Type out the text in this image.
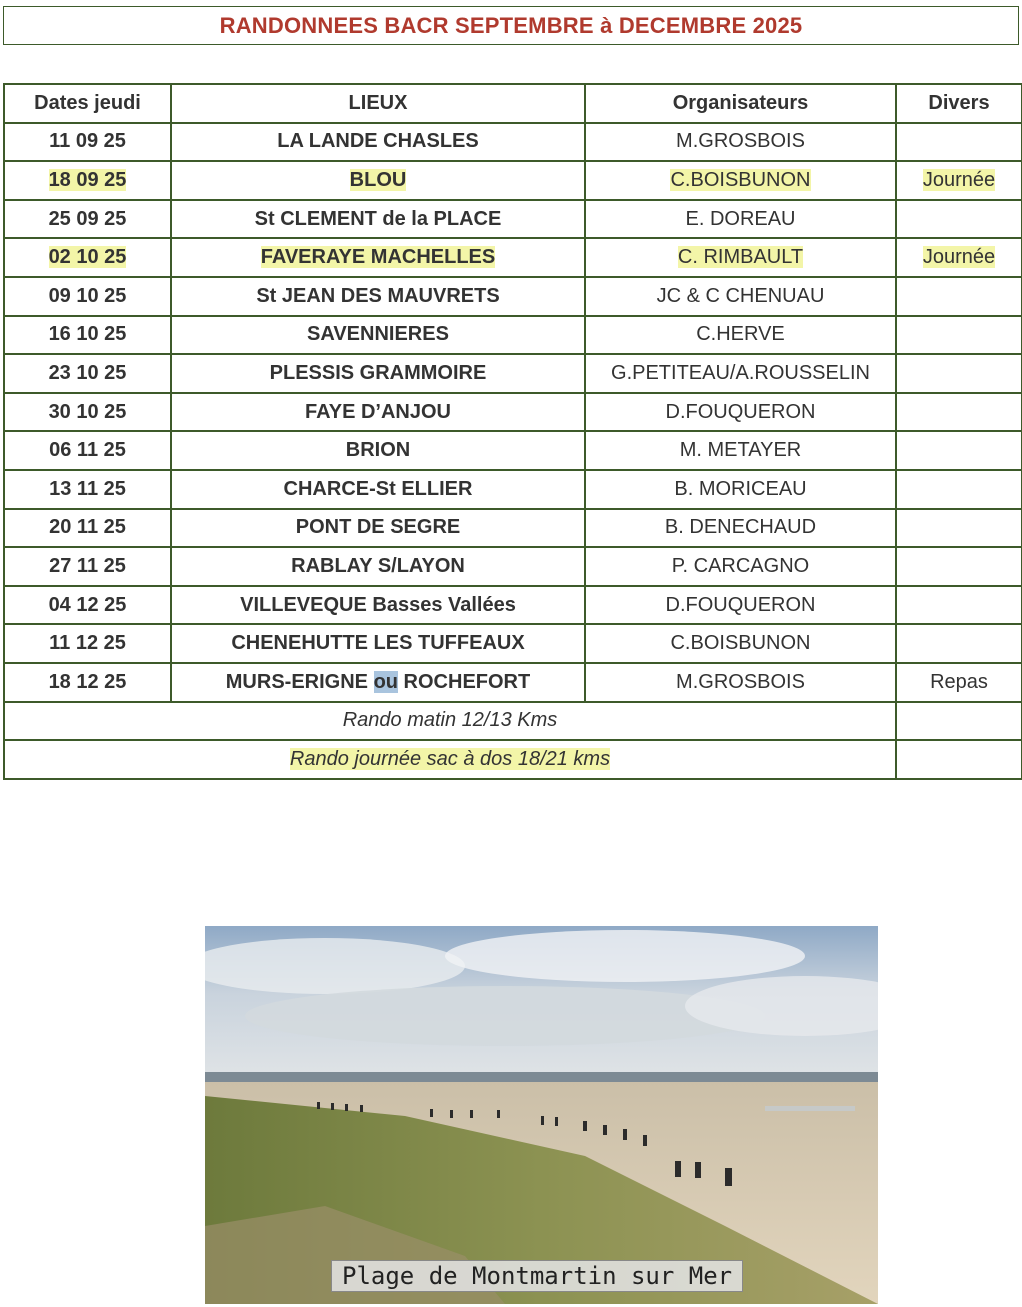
RANDONNEES BACR SEPTEMBRE à DECEMBRE 2025
Dates jeudi	LIEUX	Organisateurs	Divers
11 09 25	LA LANDE CHASLES	M.GROSBOIS	
18 09 25	BLOU	C.BOISBUNON	Journée
25 09 25	St CLEMENT de la PLACE	E. DOREAU	
02 10 25	FAVERAYE MACHELLES	C. RIMBAULT	Journée
09 10 25	St JEAN DES MAUVRETS	JC & C CHENUAU	
16 10 25	SAVENNIERES	C.HERVE	
23 10 25	PLESSIS GRAMMOIRE	G.PETITEAU/A.ROUSSELIN	
30 10 25	FAYE D’ANJOU	D.FOUQUERON	
06 11 25	BRION	M. METAYER	
13 11 25	CHARCE-St ELLIER	B. MORICEAU	
20 11 25	PONT DE SEGRE	B. DENECHAUD	
27 11 25	RABLAY S/LAYON	P. CARCAGNO	
04 12 25	VILLEVEQUE Basses Vallées	D.FOUQUERON	
11 12 25	CHENEHUTTE LES TUFFEAUX	C.BOISBUNON	
18 12 25	MURS-ERIGNE ou ROCHEFORT	M.GROSBOIS	Repas
Rando matin 12/13 Kms			
Rando journée sac à dos 18/21 kms			
Plage de Montmartin sur Mer
